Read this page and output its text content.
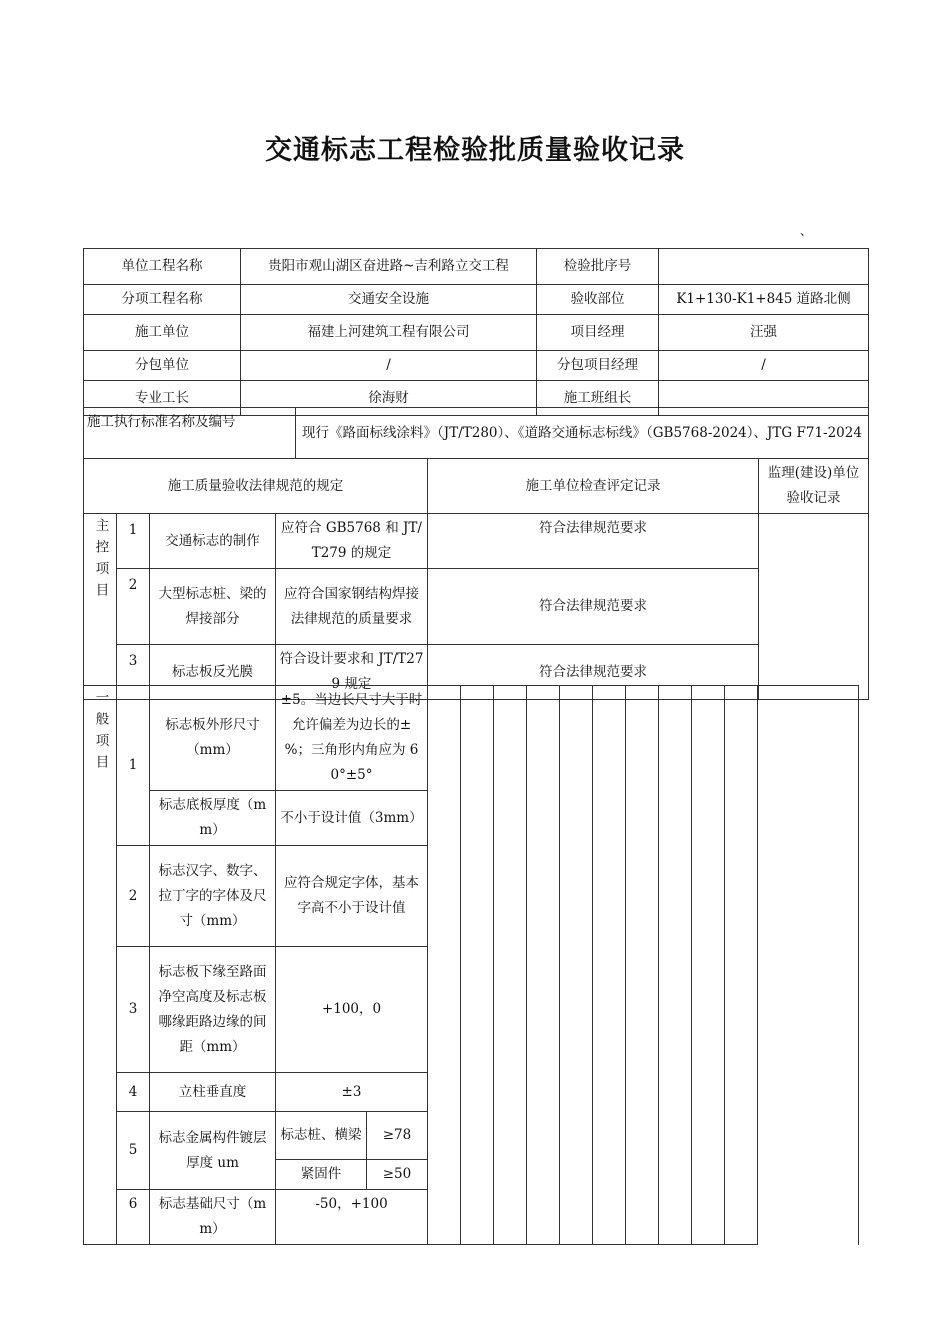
交通标志工程检验批质量验收记录
、
单位工程名称	贵阳市观山湖区奋进路~吉利路立交工程	检验批序号	
分项工程名称	交通安全设施	验收部位	K1+130-K1+845 道路北侧
施工单位	福建上河建筑工程有限公司	项目经理	汪强
分包单位	/	分包项目经理	/
专业工长	徐海财	施工班组长	
施工执行标准名称及编号	现行《路面标线涂料》（JT/T280）、《道路交通标志标线》（GB5768-2024）、JTG F71-2024
施工质量验收法律规范的规定				施工单位检查评定记录	监理(建设)单位验收记录
主控项目	1	交通标志的制作	应符合 GB5768 和 JT/T279 的规定	符合法律规范要求	
	2	大型标志桩、梁的焊接部分	应符合国家钢结构焊接法律规范的质量要求	符合法律规范要求	
	3	标志板反光膜	符合设计要求和 JT/T279 规定	符合法律规范要求	
一般项目	1	标志板外形尺寸（mm）	±5。当边长尺寸大于时允许偏差为边长的±%；三角形内角应为 60°±5°												
		标志底板厚度（mm）	不小于设计值（3mm）												
	2	标志汉字、数字、拉丁字的字体及尺寸（mm）	应符合规定字体，基本字高不小于设计值												
	3	标志板下缘至路面净空高度及标志板哪缘距路边缘的间距（mm）	+100，0												
	4	立柱垂直度	±3												
	5	标志金属构件镀层厚度 um	标志桩、横梁	≥78											
			紧固件	≥50											
	6	标志基础尺寸（mm）	-50，+100												
